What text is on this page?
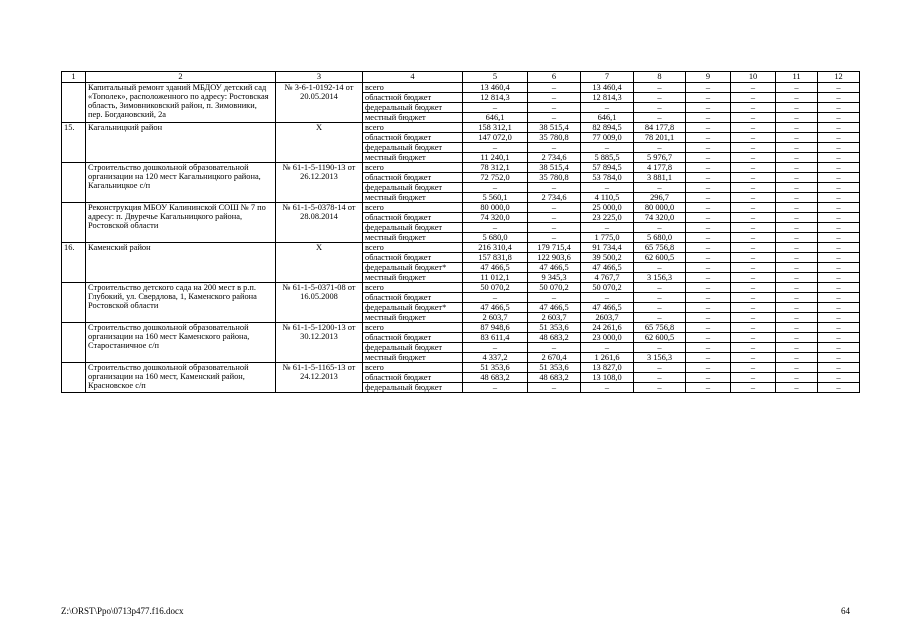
1	2	3	4	5	6	7	8	9	10	11	12
	Капитальный ремонт зданий МБДОУ детский сад «Тополек», расположенного по адресу: Ростовская область, Зимовниковский район, п. Зимовники, пер. Богдановский, 2а	№ 3-6-1-0192-14 от 20.05.2014	всего	13 460,4	–	13 460,4	–	–	–	–	–
			областной бюджет	12 814,3	–	12 814,3	–	–	–	–	–
			федеральный бюджет	–	–	–	–	–	–	–	–
			местный бюджет	646,1	–	646,1	–	–	–	–	–
15.	Кагальницкий район	Х	всего	158 312,1	38 515,4	82 894,5	84 177,8	–	–	–	–
			областной бюджет	147 072,0	35 780,8	77 009,0	78 201,1	–	–	–	–
			федеральный бюджет	–	–	–	–	–	–	–	–
			местный бюджет	11 240,1	2 734,6	5 885,5	5 976,7	–	–	–	–
	Строительство дошкольной образовательной организации на 120 мест Кагальницкого района, Кагальницкое с/п	№ 61-1-5-1190-13 от 26.12.2013	всего	78 312,1	38 515,4	57 894,5	4 177,8	–	–	–	–
			областной бюджет	72 752,0	35 780,8	53 784,0	3 881,1	–	–	–	–
			федеральный бюджет	–	–	–	–	–	–	–	–
			местный бюджет	5 560,1	2 734,6	4 110,5	296,7	–	–	–	–
	Реконструкция МБОУ Калининской СОШ № 7 по адресу: п. Двуречье Кагальницкого района, Ростовской области	№ 61-1-5-0378-14 от 28.08.2014	всего	80 000,0	–	25 000,0	80 000,0	–	–	–	–
			областной бюджет	74 320,0	–	23 225,0	74 320,0	–	–	–	–
			федеральный бюджет	–	–	–	–	–	–	–	–
			местный бюджет	5 680,0	–	1 775,0	5 680,0	–	–	–	–
16.	Каменский район	Х	всего	216 310,4	179 715,4	91 734,4	65 756,8	–	–	–	–
			областной бюджет	157 831,8	122 903,6	39 500,2	62 600,5	–	–	–	–
			федеральный бюджет*	47 466,5	47 466,5	47 466,5	–	–	–	–	–
			местный бюджет	11 012,1	9 345,3	4 767,7	3 156,3	–	–	–	–
	Строительство детского сада на 200 мест в р.п. Глубокий, ул. Свердлова, 1, Каменского района Ростовской области	№ 61-1-5-0371-08 от 16.05.2008	всего	50 070,2	50 070,2	50 070,2	–	–	–	–	–
			областной бюджет	–	–	–	–	–	–	–	–
			федеральный бюджет*	47 466,5	47 466,5	47 466,5	–	–	–	–	–
			местный бюджет	2 603,7	2 603,7	2603,7	–	–	–	–	–
	Строительство дошкольной образовательной организации на 160 мест Каменского района, Старостаничное с/п	№ 61-1-5-1200-13 от 30.12.2013	всего	87 948,6	51 353,6	24 261,6	65 756,8	–	–	–	–
			областной бюджет	83 611,4	48 683,2	23 000,0	62 600,5	–	–	–	–
			федеральный бюджет	–	–	–	–	–	–	–	–
			местный бюджет	4 337,2	2 670,4	1 261,6	3 156,3	–	–	–	–
	Строительство дошкольной образовательной организации на 160 мест, Каменский район, Красновское с/п	№ 61-1-5-1165-13 от 24.12.2013	всего	51 353,6	51 353,6	13 827,0	–	–	–	–	–
			областной бюджет	48 683,2	48 683,2	13 108,0	–	–	–	–	–
			федеральный бюджет	–	–	–	–	–	–	–	–
Z:\ORST\Ppo\0713p477.f16.docx	64
